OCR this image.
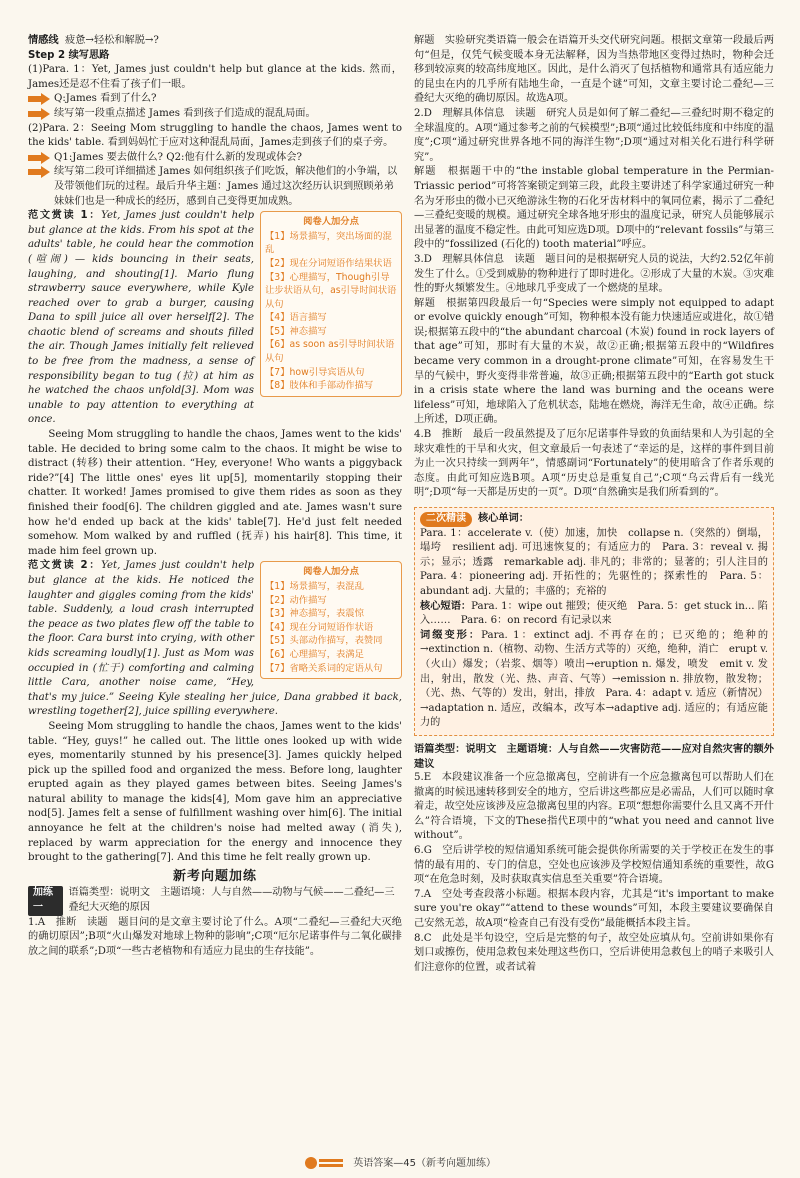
情感线 疲惫→轻松和解脱→?

Step 2 续写思路

(1)Para. 1：Yet, James just couldn't help but glance at the kids. 然而，James还是忍不住看了孩子们一眼。

Q:James 看到了什么?
续写第一段重点描述 James 看到孩子们造成的混乱局面。

(2)Para. 2：Seeing Mom struggling to handle the chaos, James went to the kids' table. 看到妈妈忙于应对这种混乱局面，James走到孩子们的桌子旁。

Q1:James 要去做什么? Q2:他有什么新的发现或体会?
续写第二段可详细描述 James 如何组织孩子们吃饭，解决他们的小争端，以及带领他们玩的过程。最后升华主题：James 通过这次经历认识到照顾弟弟妹妹们也是一种成长的经历，感到自己变得更加成熟。
阅卷人加分点
【1】场景描写，突出场面的混乱
【2】现在分词短语作结果状语
【3】心理描写，Though引导让步状语从句，as引导时间状语从句
【4】语言描写
【5】神态描写
【6】as soon as引导时间状语从句
【7】how引导宾语从句
【8】肢体和手部动作描写

范文赏读 1：Yet, James just couldn't help but glance at the kids. From his spot at the adults' table, he could hear the commotion (喧闹) — kids bouncing in their seats, laughing, and shouting[1]. Mario flung strawberry sauce everywhere, while Kyle reached over to grab a burger, causing Dana to spill juice all over herself[2]. The chaotic blend of screams and shouts filled the air. Though James initially felt relieved to be free from the madness, a sense of responsibility began to tug (拉) at him as he watched the chaos unfold[3]. Mom was unable to pay attention to everything at once.

Seeing Mom struggling to handle the chaos, James went to the kids' table. He decided to bring some calm to the chaos. It might be wise to distract (转移) their attention. “Hey, everyone! Who wants a piggyback ride?”[4] The little ones' eyes lit up[5], momentarily stopping their chatter. It worked! James promised to give them rides as soon as they finished their food[6]. The children giggled and ate. James wasn't sure how he'd ended up back at the kids' table[7]. He'd just felt needed somehow. Mom walked by and ruffled (抚弄) his hair[8]. This time, it made him feel grown up.

阅卷人加分点
【1】场景描写，表混乱
【2】动作描写
【3】神态描写，表震惊
【4】现在分词短语作状语
【5】头部动作描写，表赞同
【6】心理描写，表满足
【7】省略关系词的定语从句

范文赏读 2：Yet, James just couldn't help but glance at the kids. He noticed the laughter and giggles coming from the kids' table. Suddenly, a loud crash interrupted the peace as two plates flew off the table to the floor. Cara burst into crying, with other kids screaming loudly[1]. Just as Mom was occupied in (忙于) comforting and calming little Cara, another noise came, “Hey, that's my juice.” Seeing Kyle stealing her juice, Dana grabbed it back, wrestling together[2], juice spilling everywhere.

Seeing Mom struggling to handle the chaos, James went to the kids' table. “Hey, guys!” he called out. The little ones looked up with wide eyes, momentarily stunned by his presence[3]. James quickly helped pick up the spilled food and organized the mess. Before long, laughter erupted again as they played games between bites. Seeing James's natural ability to manage the kids[4], Mom gave him an appreciative nod[5]. James felt a sense of fulfillment washing over him[6]. The initial annoyance he felt at the children's noise had melted away (消失), replaced by warm appreciation for the energy and innocence they brought to the gathering[7]. And this time he felt really grown up.

新考向题加练
加练一
语篇类型：说明文　主题语境：人与自然——动物与气候——二叠纪—三叠纪大灭绝的原因

1.A　推断　读题　题目问的是文章主要讨论了什么。A项“二叠纪—三叠纪大灭绝的确切原因”;B项“火山爆发对地球上物种的影响”;C项“厄尔尼诺事件与二氧化碳排放之间的联系”;D项“一些古老植物和有适应力昆虫的生存技能”。

解题　实验研究类语篇一般会在语篇开头交代研究问题。根据文章第一段最后两句“但是，仅凭气候变暖本身无法解释，因为当热带地区变得过热时，物种会迁移到较凉爽的较高纬度地区。因此，是什么消灭了包括植物和通常具有适应能力的昆虫在内的几乎所有陆地生命，一直是个谜”可知，文章主要讨论二叠纪—三叠纪大灭绝的确切原因。故选A项。

2.D　理解具体信息　读题　研究人员是如何了解二叠纪—三叠纪时期不稳定的全球温度的。A项“通过参考之前的气候模型”;B项“通过比较低纬度和中纬度的温度”;C项“通过研究世界各地不同的海洋生物”;D项“通过对相关化石进行科学研究”。

解题　根据题干中的“the instable global temperature in the Permian-Triassic period”可将答案锁定到第三段，此段主要讲述了科学家通过研究一种名为牙形虫的微小已灭绝游泳生物的石化牙齿材料中的氧同位素，揭示了二叠纪—三叠纪变暖的规模。通过研究全球各地牙形虫的温度记录，研究人员能够展示出显著的温度不稳定性。由此可知应选D项。D项中的“relevant fossils”与第三段中的“fossilized (石化的) tooth material”呼应。

3.D　理解具体信息　读题　题目问的是根据研究人员的说法，大约2.52亿年前发生了什么。①受到威胁的物种进行了即时进化。②形成了大量的木炭。③灾难性的野火频繁发生。④地球几乎变成了一个燃烧的星球。

解题　根据第四段最后一句“Species were simply not equipped to adapt or evolve quickly enough”可知，物种根本没有能力快速适应或进化，故①错误;根据第五段中的“the abundant charcoal (木炭) found in rock layers of that age”可知，那时有大量的木炭，故②正确;根据第五段中的“Wildfires became very common in a drought-prone climate”可知，在容易发生干旱的气候中，野火变得非常普遍，故③正确;根据第五段中的“Earth got stuck in a crisis state where the land was burning and the oceans were lifeless”可知，地球陷入了危机状态，陆地在燃烧，海洋无生命，故④正确。综上所述，D项正确。

4.B　推断　最后一段虽然提及了厄尔尼诺事件导致的负面结果和人为引起的全球灾难性的干旱和火灾，但文章最后一句表述了“幸运的是，这样的事件到目前为止一次只持续一到两年”，情感副词“Fortunately”的使用暗含了作者乐观的态度。由此可知应选B项。A项“历史总是重复自己”;C项“乌云背后有一线光明”;D项“每一天都是历史的一页”。D项“自然确实是我们所看到的”。

二次精读	核心单词：

Para. 1：accelerate v.（使）加速，加快　collapse n.（突然的）倒塌，塌垮　resilient adj. 可迅速恢复的；有适应力的　Para. 3：reveal v. 揭示；显示；透露　remarkable adj. 非凡的；非常的；显著的；引人注目的　Para. 4：pioneering adj. 开拓性的；先驱性的；探索性的　Para. 5：abundant adj. 大量的；丰盛的；充裕的

核心短语：Para. 1：wipe out 摧毁；使灭绝　Para. 5：get stuck in... 陷入……　Para. 6：on record 有记录以来

词缀变形：Para. 1：extinct adj. 不再存在的；已灭绝的；绝种的→extinction n.（植物、动物、生活方式等的）灭绝，绝种，消亡　erupt v.（火山）爆发；（岩浆、烟等）喷出→eruption n. 爆发，喷发　emit v. 发出，射出，散发（光、热、声音、气等）→emission n. 排放物，散发物；（光、热、气等的）发出，射出，排放　Para. 4：adapt v. 适应（新情况）→adaptation n. 适应，改编本，改写本→adaptive adj. 适应的；有适应能力的

语篇类型：说明文　主题语境：人与自然——灾害防范——应对自然灾害的额外建议

5.E　本段建议准备一个应急撤离包，空前讲有一个应急撤离包可以帮助人们在撤离的时候迅速转移到安全的地方，空后讲这些都应是必需品，人们可以随时拿着走，故空处应该涉及应急撤离包里的内容。E项“想想你需要什么且又离不开什么”符合语境，下文的These指代E项中的“what you need and cannot live without”。

6.G　空后讲学校的短信通知系统可能会提供你所需要的关于学校正在发生的事情的最有用的、专门的信息，空处也应该涉及学校短信通知系统的重要性，故G项“在危急时刻，及时获取真实信息至关重要”符合语境。

7.A　空处考查段落小标题。根据本段内容，尤其是“it's important to make sure you're okay”“attend to these wounds”可知，本段主要建议要确保自己安然无恙，故A项“检查自己有没有受伤”最能概括本段主旨。

8.C　此处是半句设空，空后是完整的句子，故空处应填从句。空前讲如果你有划口或擦伤，使用急救包来处理这些伤口，空后讲使用急救包上的哨子来吸引人们注意你的位置，或者试着

英语答案—45（新考向题加练）
